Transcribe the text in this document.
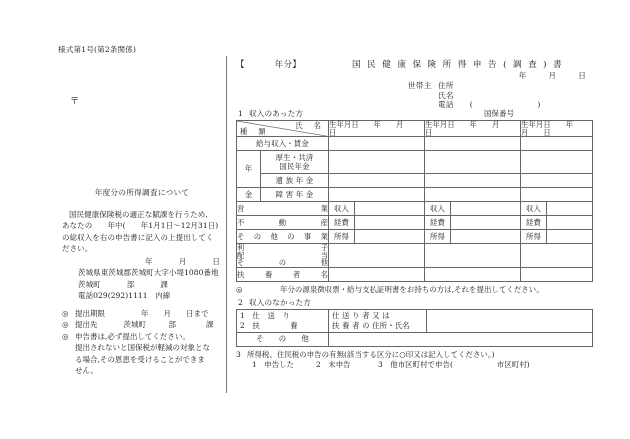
様式第1号(第2条関係)
〒
年度分の所得調査について

国民健康保険税の適正な賦課を行うため,

あなたの　　年中(　　年1月1日〜12月31日)

の総収入を右の申告書に記入の上提出してく

ださい。

年	月	日
茨城県東茨城郡茨城町大字小堤1080番地
茨城町	部	課
電話029(292)1111　内線
◎ 提出期限	年　　月　　日まで
◎ 提出先	茨城町　　　部　　　　課
◎ 申告書は,必ず提出してください。
提出されないと国保税が軽減の対象とな
る場合,その恩恵を受けることができま
せん。
【	年分】	国 民 健 康 保 険 所 得 申 告 ( 調 査 ) 書
年	月	日
世帯主 住所
氏名
電話 (　　　　)
国保番号
1 収入のあった方
氏　名
種　類		生年月日　　年　　月　　日		生年月日　　年　　月　　日		生年月日　　年　　月　　日	
給与収入・賃金							
年	厚生・共済
国民年金						
	遺 族 年 金						
金	障 害 年 金						

営 業		収入		収入		収入	

不 動 産		経費		経費		経費	

そ の 他 の 事 業	所得		所得		所得	

利	子
配	当
そ	の	他

扶 養 者 名							

◎	年分の源泉徴収票・給与支払証明書をお持ちの方は,それを提出してください。
2 収入のなかった方
1　仕　送　り
2　扶　　　　養	仕 送 り 者 又 は
扶 養 者 の 住所・氏名	
そ　　の　　他		
3 所得税、住民税の申告の有無(該当する区分に○印又は記入してください。)
1　申告した	2　未申告	3　他市区町村で申告(	市区町村)
